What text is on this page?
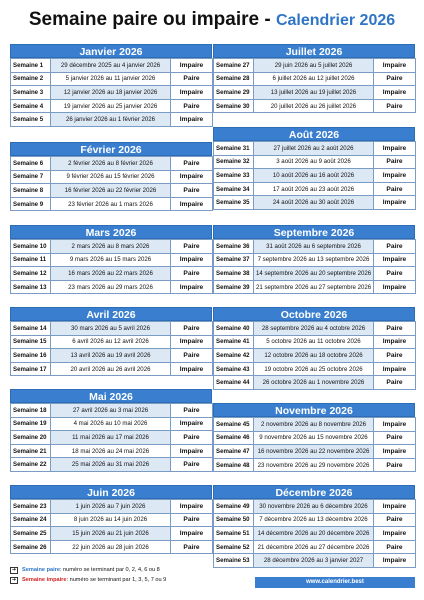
Semaine paire ou impaire - Calendrier 2026
Janvier 2026
Semaine 1	29 décembre 2025 au 4 janvier 2026	Impaire
Semaine 2	5 janvier 2026 au 11 janvier 2026	Paire
Semaine 3	12 janvier 2026 au 18 janvier 2026	Impaire
Semaine 4	19 janvier 2026 au 25 janvier 2026	Paire
Semaine 5	26 janvier 2026 au 1 février 2026	Impaire
Février 2026
Semaine 6	2 février 2026 au 8 février 2026	Paire
Semaine 7	9 février 2026 au 15 février 2026	Impaire
Semaine 8	16 février 2026 au 22 février 2026	Paire
Semaine 9	23 février 2026 au 1 mars 2026	Impaire
Mars 2026
Semaine 10	2 mars 2026 au 8 mars 2026	Paire
Semaine 11	9 mars 2026 au 15 mars 2026	Impaire
Semaine 12	16 mars 2026 au 22 mars 2026	Paire
Semaine 13	23 mars 2026 au 29 mars 2026	Impaire
Avril 2026
Semaine 14	30 mars 2026 au 5 avril 2026	Paire
Semaine 15	6 avril 2026 au 12 avril 2026	Impaire
Semaine 16	13 avril 2026 au 19 avril 2026	Paire
Semaine 17	20 avril 2026 au 26 avril 2026	Impaire
Mai 2026
Semaine 18	27 avril 2026 au 3 mai 2026	Paire
Semaine 19	4 mai 2026 au 10 mai 2026	Impaire
Semaine 20	11 mai 2026 au 17 mai 2026	Paire
Semaine 21	18 mai 2026 au 24 mai 2026	Impaire
Semaine 22	25 mai 2026 au 31 mai 2026	Paire
Juin 2026
Semaine 23	1 juin 2026 au 7 juin 2026	Impaire
Semaine 24	8 juin 2026 au 14 juin 2026	Paire
Semaine 25	15 juin 2026 au 21 juin 2026	Impaire
Semaine 26	22 juin 2026 au 28 juin 2026	Paire
Juillet 2026
Semaine 27	29 juin 2026 au 5 juillet 2026	Impaire
Semaine 28	6 juillet 2026 au 12 juillet 2026	Paire
Semaine 29	13 juillet 2026 au 19 juillet 2026	Impaire
Semaine 30	20 juillet 2026 au 26 juillet 2026	Paire
Août 2026
Semaine 31	27 juillet 2026 au 2 août 2026	Impaire
Semaine 32	3 août 2026 au 9 août 2026	Paire
Semaine 33	10 août 2026 au 16 août 2026	Impaire
Semaine 34	17 août 2026 au 23 août 2026	Paire
Semaine 35	24 août 2026 au 30 août 2026	Impaire
Septembre 2026
Semaine 36	31 août 2026 au 6 septembre 2026	Paire
Semaine 37	7 septembre 2026 au 13 septembre 2026	Impaire
Semaine 38	14 septembre 2026 au 20 septembre 2026	Paire
Semaine 39	21 septembre 2026 au 27 septembre 2026	Impaire
Octobre 2026
Semaine 40	28 septembre 2026 au 4 octobre 2026	Paire
Semaine 41	5 octobre 2026 au 11 octobre 2026	Impaire
Semaine 42	12 octobre 2026 au 18 octobre 2026	Paire
Semaine 43	19 octobre 2026 au 25 octobre 2026	Impaire
Semaine 44	26 octobre 2026 au 1 novembre 2026	Paire
Novembre 2026
Semaine 45	2 novembre 2026 au 8 novembre 2026	Impaire
Semaine 46	9 novembre 2026 au 15 novembre 2026	Paire
Semaine 47	16 novembre 2026 au 22 novembre 2026	Impaire
Semaine 48	23 novembre 2026 au 29 novembre 2026	Paire
Décembre 2026
Semaine 49	30 novembre 2026 au 6 décembre 2026	Impaire
Semaine 50	7 décembre 2026 au 13 décembre 2026	Paire
Semaine 51	14 décembre 2026 au 20 décembre 2026	Impaire
Semaine 52	21 décembre 2026 au 27 décembre 2026	Paire
Semaine 53	28 décembre 2026 au 3 janvier 2027	Impaire
➜	Semaine paire : numéro se terminant par 0, 2, 4, 6 ou 8
➜	Semaine impaire : numéro se terminant par 1, 3, 5, 7 ou 9	www.calendrier.best
